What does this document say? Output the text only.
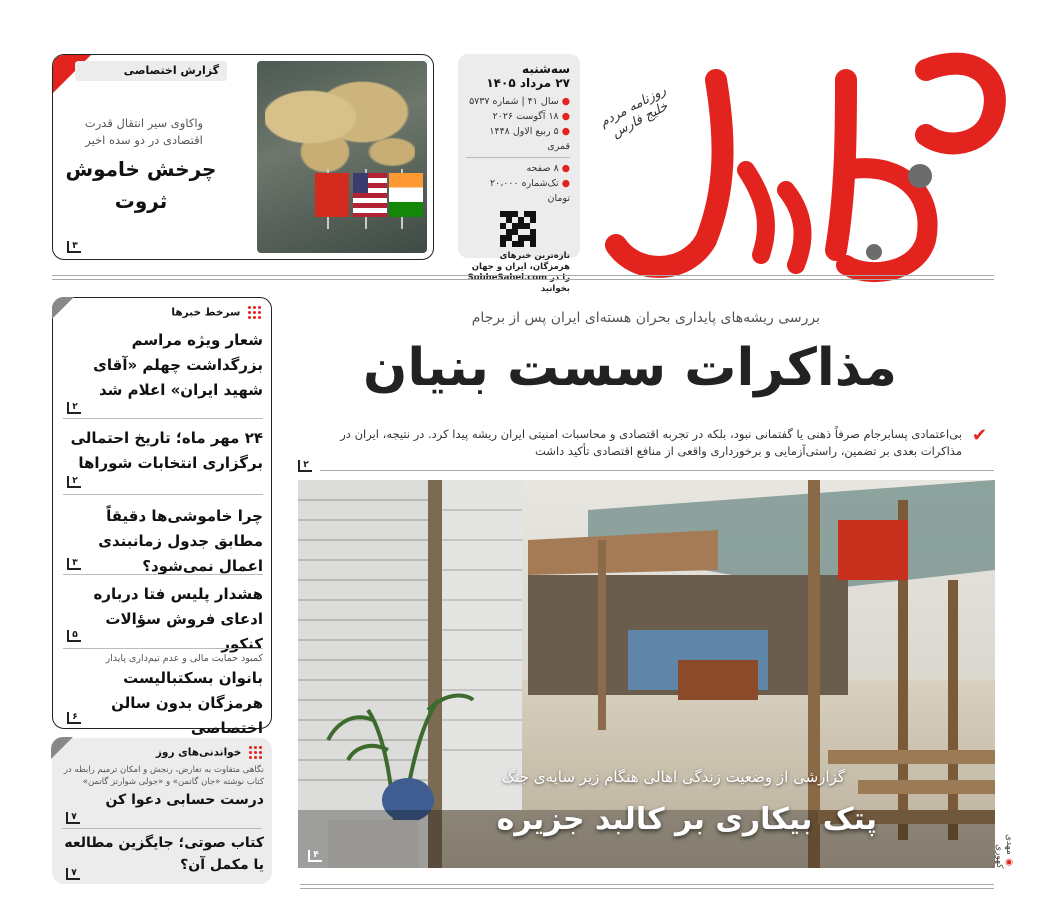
روزنامه مردم خلیج فارس
سه‌شنبه
۲۷ مرداد ۱۴۰۵
● سال ۴۱ | شماره ۵۷۳۷
● ۱۸ آگوست ۲۰۲۶
● ۵ ربیع الاول ۱۴۴۸ قمری
● ۸ صفحه
● تک‌شماره ۲۰،۰۰۰ تومان
تازه‌ترین خبرهای هرمزگان، ایران و جهان را در SobheSahel.com بخوانید
گزارش اختصاصی
واکاوی سیر انتقال قدرت اقتصادی در دو سده اخیر
چرخش خاموش ثروت
۳
بررسی ریشه‌های پایداری بحران هسته‌ای ایران پس از برجام
مذاکرات سست بنیان
✔
بی‌اعتمادی پسابرجام صرفاً ذهنی یا گفتمانی نبود، بلکه در تجربه اقتصادی و محاسبات امنیتی ایران ریشه پیدا کرد. در نتیجه، ایران در مذاکرات بعدی بر تضمین، راستی‌آزمایی و برخورداری واقعی از منافع اقتصادی تأکید داشت
۲
گزارشی از وضعیت زندگی اهالی هنگام زیر سایه‌ی جنگ
پتک بیکاری بر کالبد جزیره
۴
◉ مهدی کهوری
سرخط خبرها
شعار ویژه مراسم بزرگداشت چهلم «آقای شهید ایران» اعلام شد
۲
۲۴ مهر ماه؛ تاریخ احتمالی برگزاری انتخابات شوراها
۲
چرا خاموشی‌ها دقیقاً مطابق جدول زمانبندی اعمال نمی‌شود؟
۳
هشدار پلیس فتا درباره ادعای فروش سؤالات کنکور
۵
کمبود حمایت مالی و عدم تیم‌داری پایدار
بانوان بسکتبالیست هرمزگان بدون سالن اختصاصی
۶
خواندنی‌های روز
نگاهی متفاوت به تعارض، رنجش و امکان ترمیم رابطه در کتاب نوشته «جان گاتمن» و «جولی شوارتز گاتمن»
درست حسابی دعوا کن
۷
کتاب صوتی؛ جایگزین مطالعه یا مکمل آن؟
۷
